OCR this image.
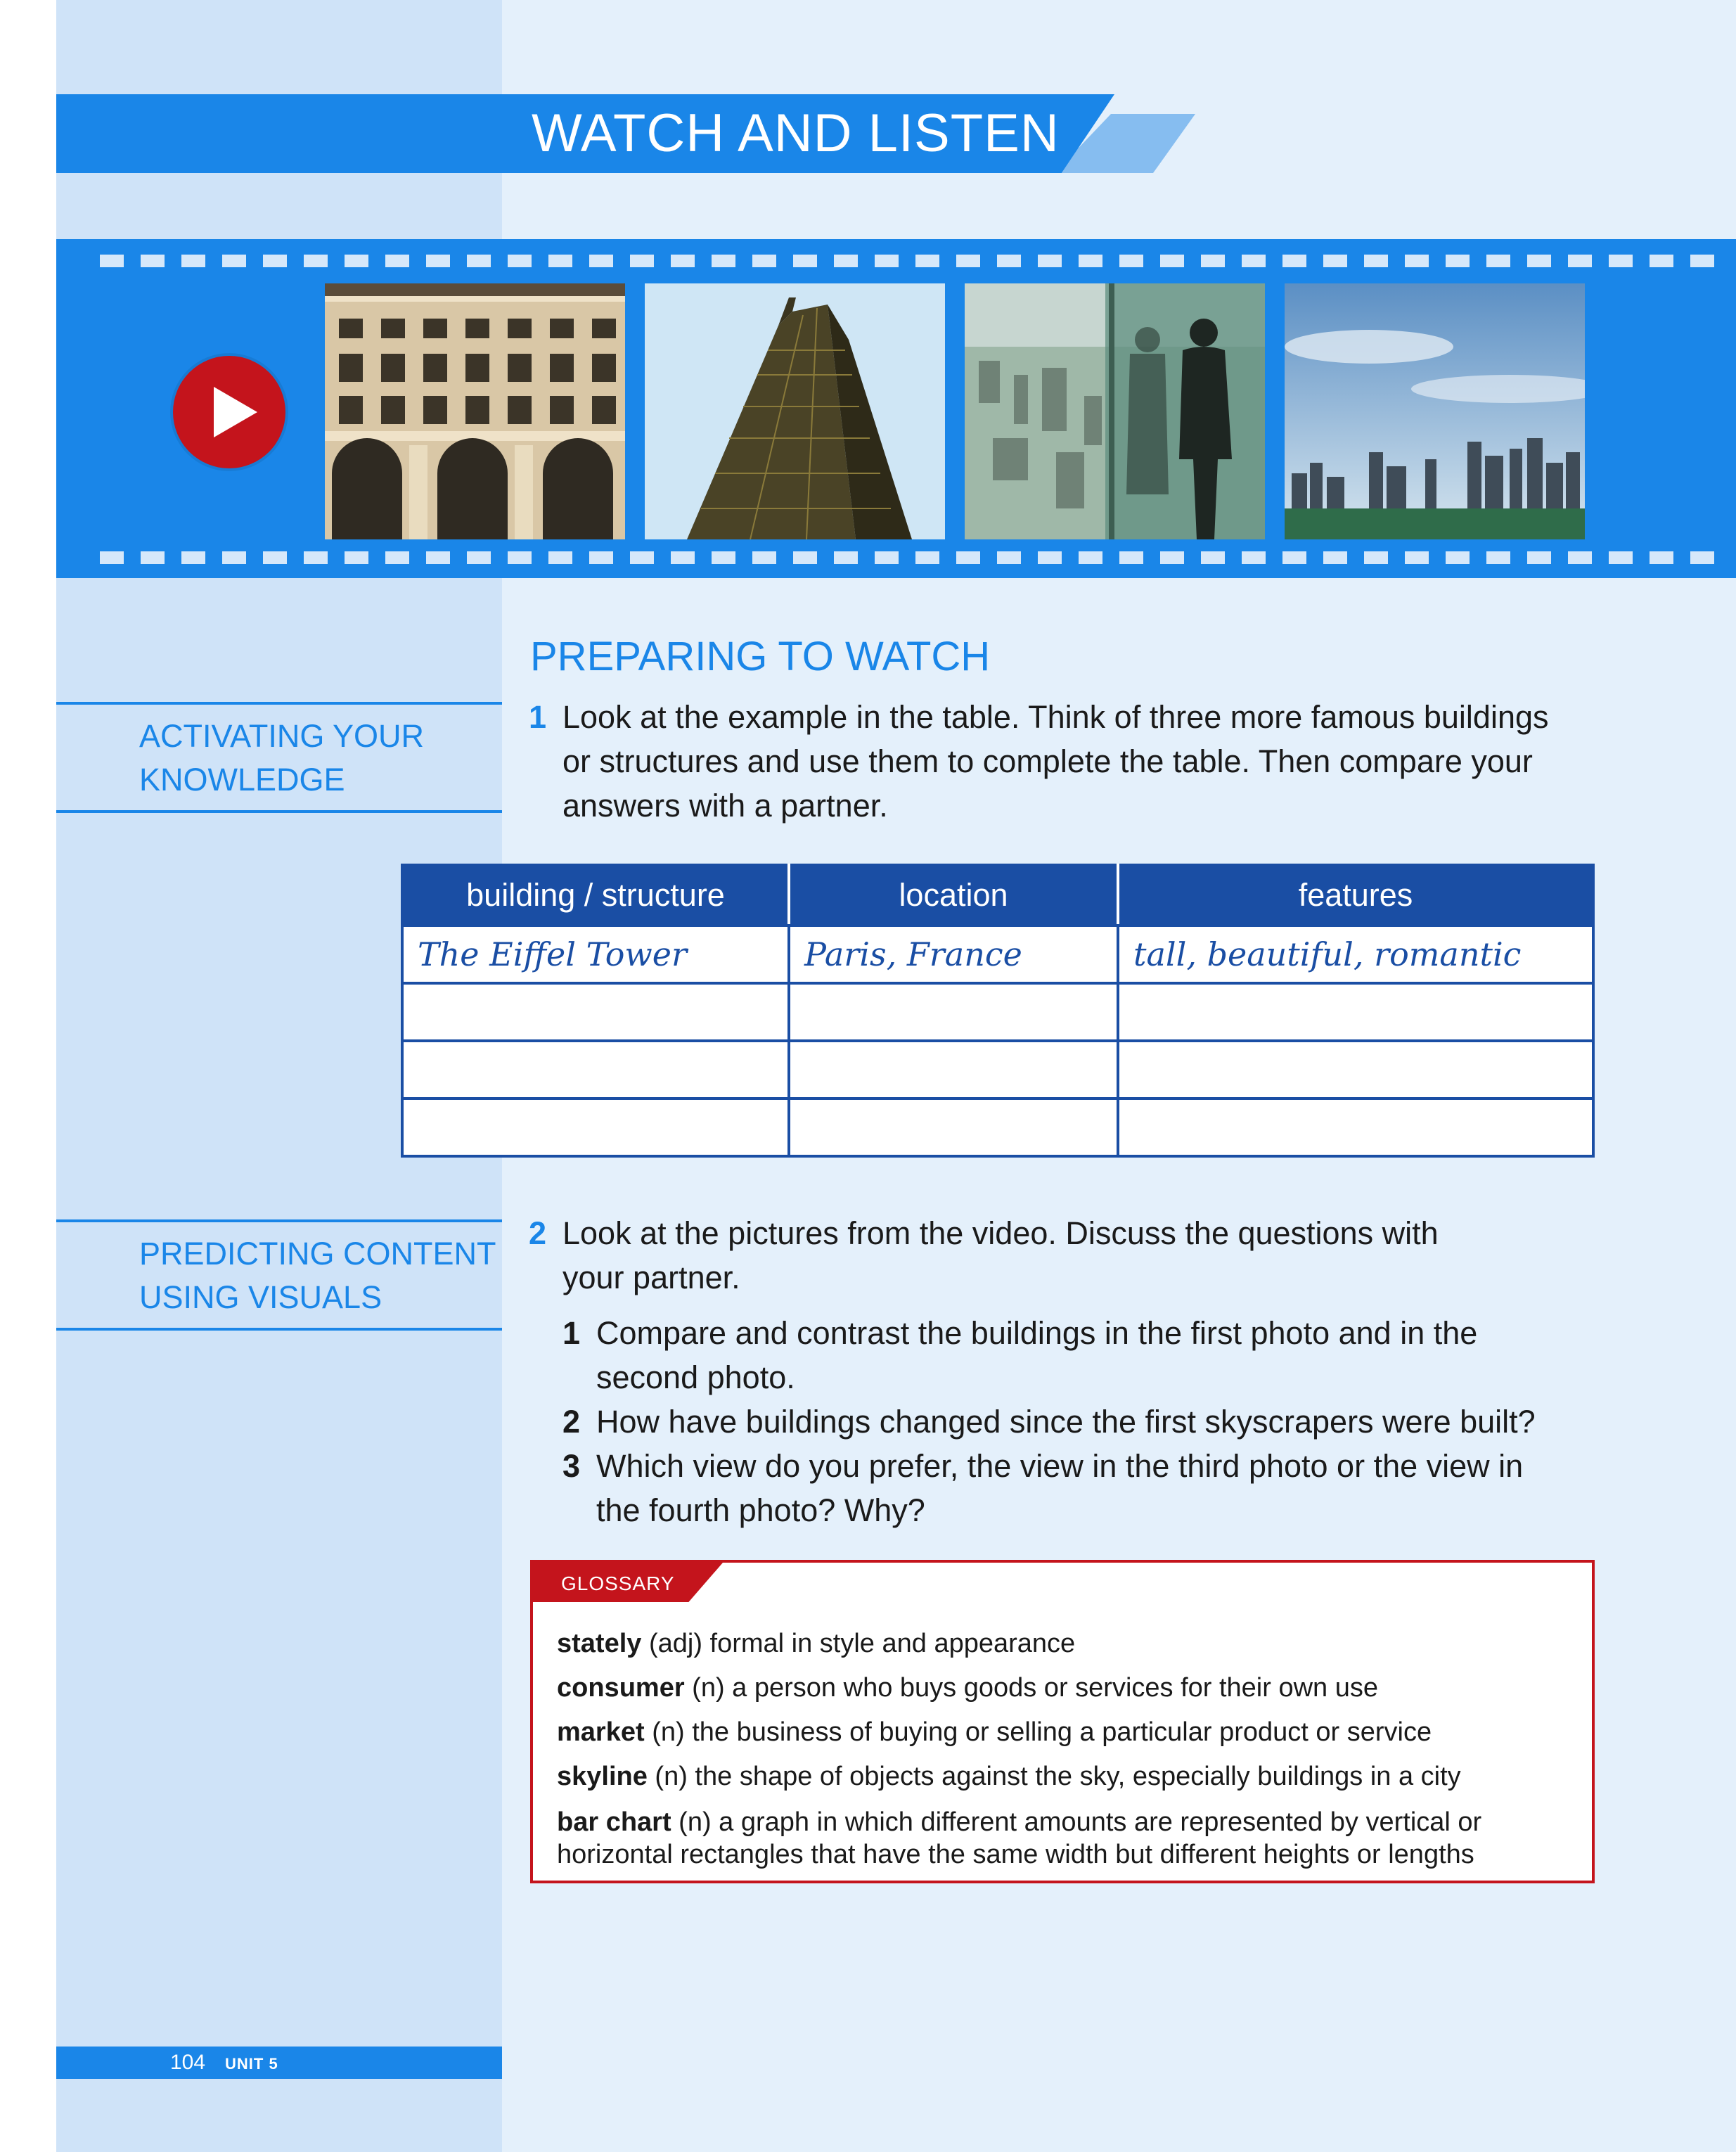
WATCH AND LISTEN
PREPARING TO WATCH
ACTIVATING YOUR
KNOWLEDGE
1 Look at the example in the table. Think of three more famous buildings
or structures and use them to complete the table. Then compare your
answers with a partner.
building / structure	location	features
The Eiffel Tower	Paris, France	tall, beautiful, romantic

PREDICTING CONTENT
USING VISUALS
2 Look at the pictures from the video. Discuss the questions with
your partner.
1 Compare and contrast the buildings in the first photo and in the
second photo.
2 How have buildings changed since the first skyscrapers were built?
3 Which view do you prefer, the view in the third photo or the view in
the fourth photo? Why?
GLOSSARY
stately (adj) formal in style and appearance
consumer (n) a person who buys goods or services for their own use
market (n) the business of buying or selling a particular product or service
skyline (n) the shape of objects against the sky, especially buildings in a city
bar chart (n) a graph in which different amounts are represented by vertical or
horizontal rectangles that have the same width but different heights or lengths
104 UNIT 5
